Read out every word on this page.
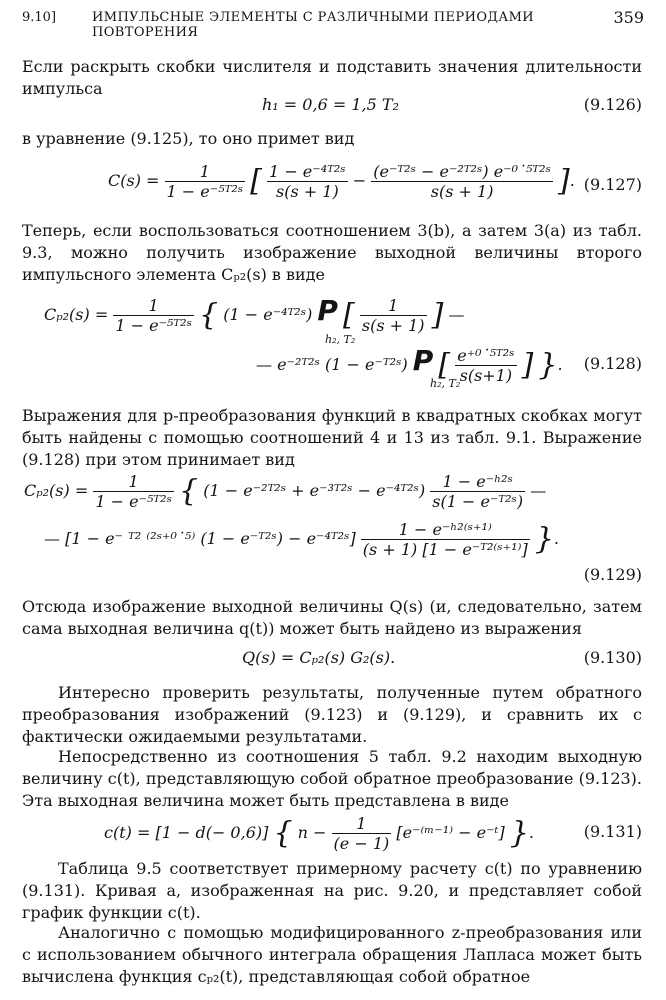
9.10]	ИМПУЛЬСНЫЕ ЭЛЕМЕНТЫ С РАЗЛИЧНЫМИ ПЕРИОДАМИ ПОВТОРЕНИЯ
359

Если раскрыть скобки числителя и подставить значения длительности импульса

h₁ = 0,6 = 1,5 T₂	(9.126)

в уравнение (9.125), то оно примет вид

$C(s) = \frac{1}{\text{1 − e⁻⁵ᵀ²ˢ}}$ [ $\frac{\text{1 − e⁻⁴ᵀ²ˢ}}{s(s + 1)} - \frac{\text{(e⁻ᵀ²ˢ − e⁻²ᵀ²ˢ) e⁻⁰˙⁵ᵀ²ˢ}}{s(s + 1)}$ ]. (9.127)

Теперь, если воспользоваться соотношением 3(b), а затем 3(a) из табл. 9.3, можно получить изображение выходной величины второго импульсного элемента Cₚ₂(s) в виде

$C_{p2}(s) = \frac{1}{\text{1 − e⁻⁵ᵀ²ˢ}}$ { (1 − e⁻⁴ᵀ²ˢ) P [ $\frac{1}{s(s + 1)}$ ] —
h₂, T₂
— e⁻²ᵀ²ˢ (1 − e⁻ᵀ²ˢ) P [ $\frac{\text{e⁺⁰˙⁵ᵀ²ˢ}}{s(s+1)}$ ] }.
h₂, T₂
(9.128)

Выражения для p-преобразования функций в квадратных скобках могут быть найдены с помощью соотношений 4 и 13 из табл. 9.1. Выражение (9.128) при этом принимает вид

$C_{p2}(s) = \frac{1}{\text{1 − e⁻⁵ᵀ²ˢ}}$ { (1 − e⁻²ᵀ²ˢ + e⁻³ᵀ²ˢ − e⁻⁴ᵀ²ˢ) $\frac{\text{1 − e⁻ʰ²ˢ}}{\text{s(1 − e⁻ᵀ²ˢ)}}$ —
— [1 − e⁻ ᵀ² ⁽²ˢ⁺⁰˙⁵⁾ (1 − e⁻ᵀ²ˢ) − e⁻⁴ᵀ²ˢ] $\frac{\text{1 − e⁻ʰ²⁽ˢ⁺¹⁾}}{\text{(s + 1) [1 − e⁻ᵀ²⁽ˢ⁺¹⁾]}}$ }.
(9.129)

Отсюда изображение выходной величины Q(s) (и, следовательно, затем сама выходная величина q(t)) может быть найдено из выражения

Q(s) = Cₚ₂(s) G₂(s).	(9.130)

Интересно проверить результаты, полученные путем обратного преобразования изображений (9.123) и (9.129), и сравнить их с фактически ожидаемыми результатами.

Непосредственно из соотношения 5 табл. 9.2 находим выходную величину c(t), представляющую собой обратное преобразование (9.123). Эта выходная величина может быть представлена в виде

c(t) = [1 − d(− 0,6)] { $n - \frac{1}{(e - 1)}$ [e⁻⁽ᵐ⁻¹⁾ − e⁻ᵗ] }.	(9.131)

Таблица 9.5 соответствует примерному расчету c(t) по уравнению (9.131). Кривая a, изображенная на рис. 9.20, и представляет собой график функции c(t).

Аналогично с помощью модифицированного z-преобразования или с использованием обычного интеграла обращения Лапласа может быть вычислена функция cₚ₂(t), представляющая собой обратное
